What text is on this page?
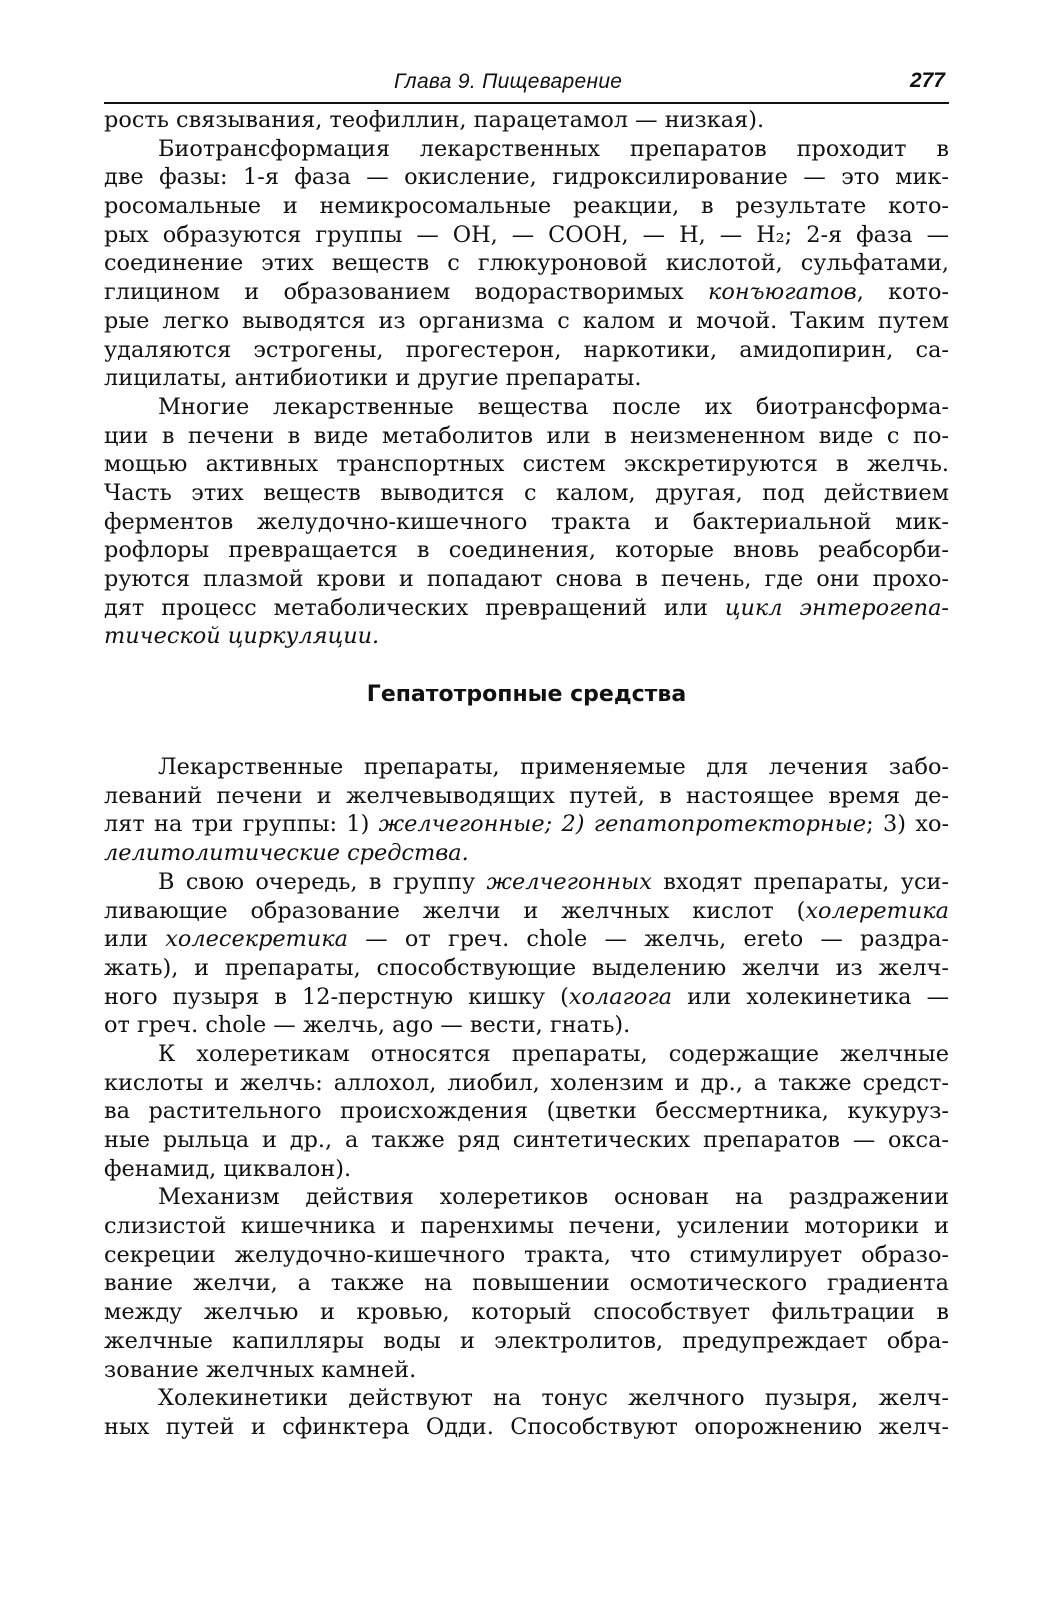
Глава 9. Пищеварение	277
рость связывания, теофиллин, парацетамол — низкая).
Биотрансформация лекарственных препаратов проходит в
две фазы: 1-я фаза — окисление, гидроксилирование — это мик-
росомальные и немикросомальные реакции, в результате кото-
рых образуются группы — ОН, — СООН, — Н, — Н₂; 2-я фаза —
соединение этих веществ с глюкуроновой кислотой, сульфатами,
глицином и образованием водорастворимых конъюгатов, кото-
рые легко выводятся из организма с калом и мочой. Таким путем
удаляются эстрогены, прогестерон, наркотики, амидопирин, са-
лицилаты, антибиотики и другие препараты.
Многие лекарственные вещества после их биотрансформа-
ции в печени в виде метаболитов или в неизмененном виде с по-
мощью активных транспортных систем экскретируются в желчь.
Часть этих веществ выводится с калом, другая, под действием
ферментов желудочно-кишечного тракта и бактериальной мик-
рофлоры превращается в соединения, которые вновь реабсорби-
руются плазмой крови и попадают снова в печень, где они прохо-
дят процесс метаболических превращений или цикл энтерогепа-
тической циркуляции.
Гепатотропные средства
Лекарственные препараты, применяемые для лечения забо-
леваний печени и желчевыводящих путей, в настоящее время де-
лят на три группы: 1) желчегонные; 2) гепатопротекторные; 3) хо-
лелитолитические средства.
В свою очередь, в группу желчегонных входят препараты, уси-
ливающие образование желчи и желчных кислот (холеретика
или холесекретика — от греч. chole — желчь, ereto — раздра-
жать), и препараты, способствующие выделению желчи из желч-
ного пузыря в 12-перстную кишку (холагога или холекинетика —
от греч. chole — желчь, ago — вести, гнать).
К холеретикам относятся препараты, содержащие желчные
кислоты и желчь: аллохол, лиобил, холензим и др., а также средст-
ва растительного происхождения (цветки бессмертника, кукуруз-
ные рыльца и др., а также ряд синтетических препаратов — окса-
фенамид, циквалон).
Механизм действия холеретиков основан на раздражении
слизистой кишечника и паренхимы печени, усилении моторики и
секреции желудочно-кишечного тракта, что стимулирует образо-
вание желчи, а также на повышении осмотического градиента
между желчью и кровью, который способствует фильтрации в
желчные капилляры воды и электролитов, предупреждает обра-
зование желчных камней.
Холекинетики действуют на тонус желчного пузыря, желч-
ных путей и сфинктера Одди. Способствуют опорожнению желч-
